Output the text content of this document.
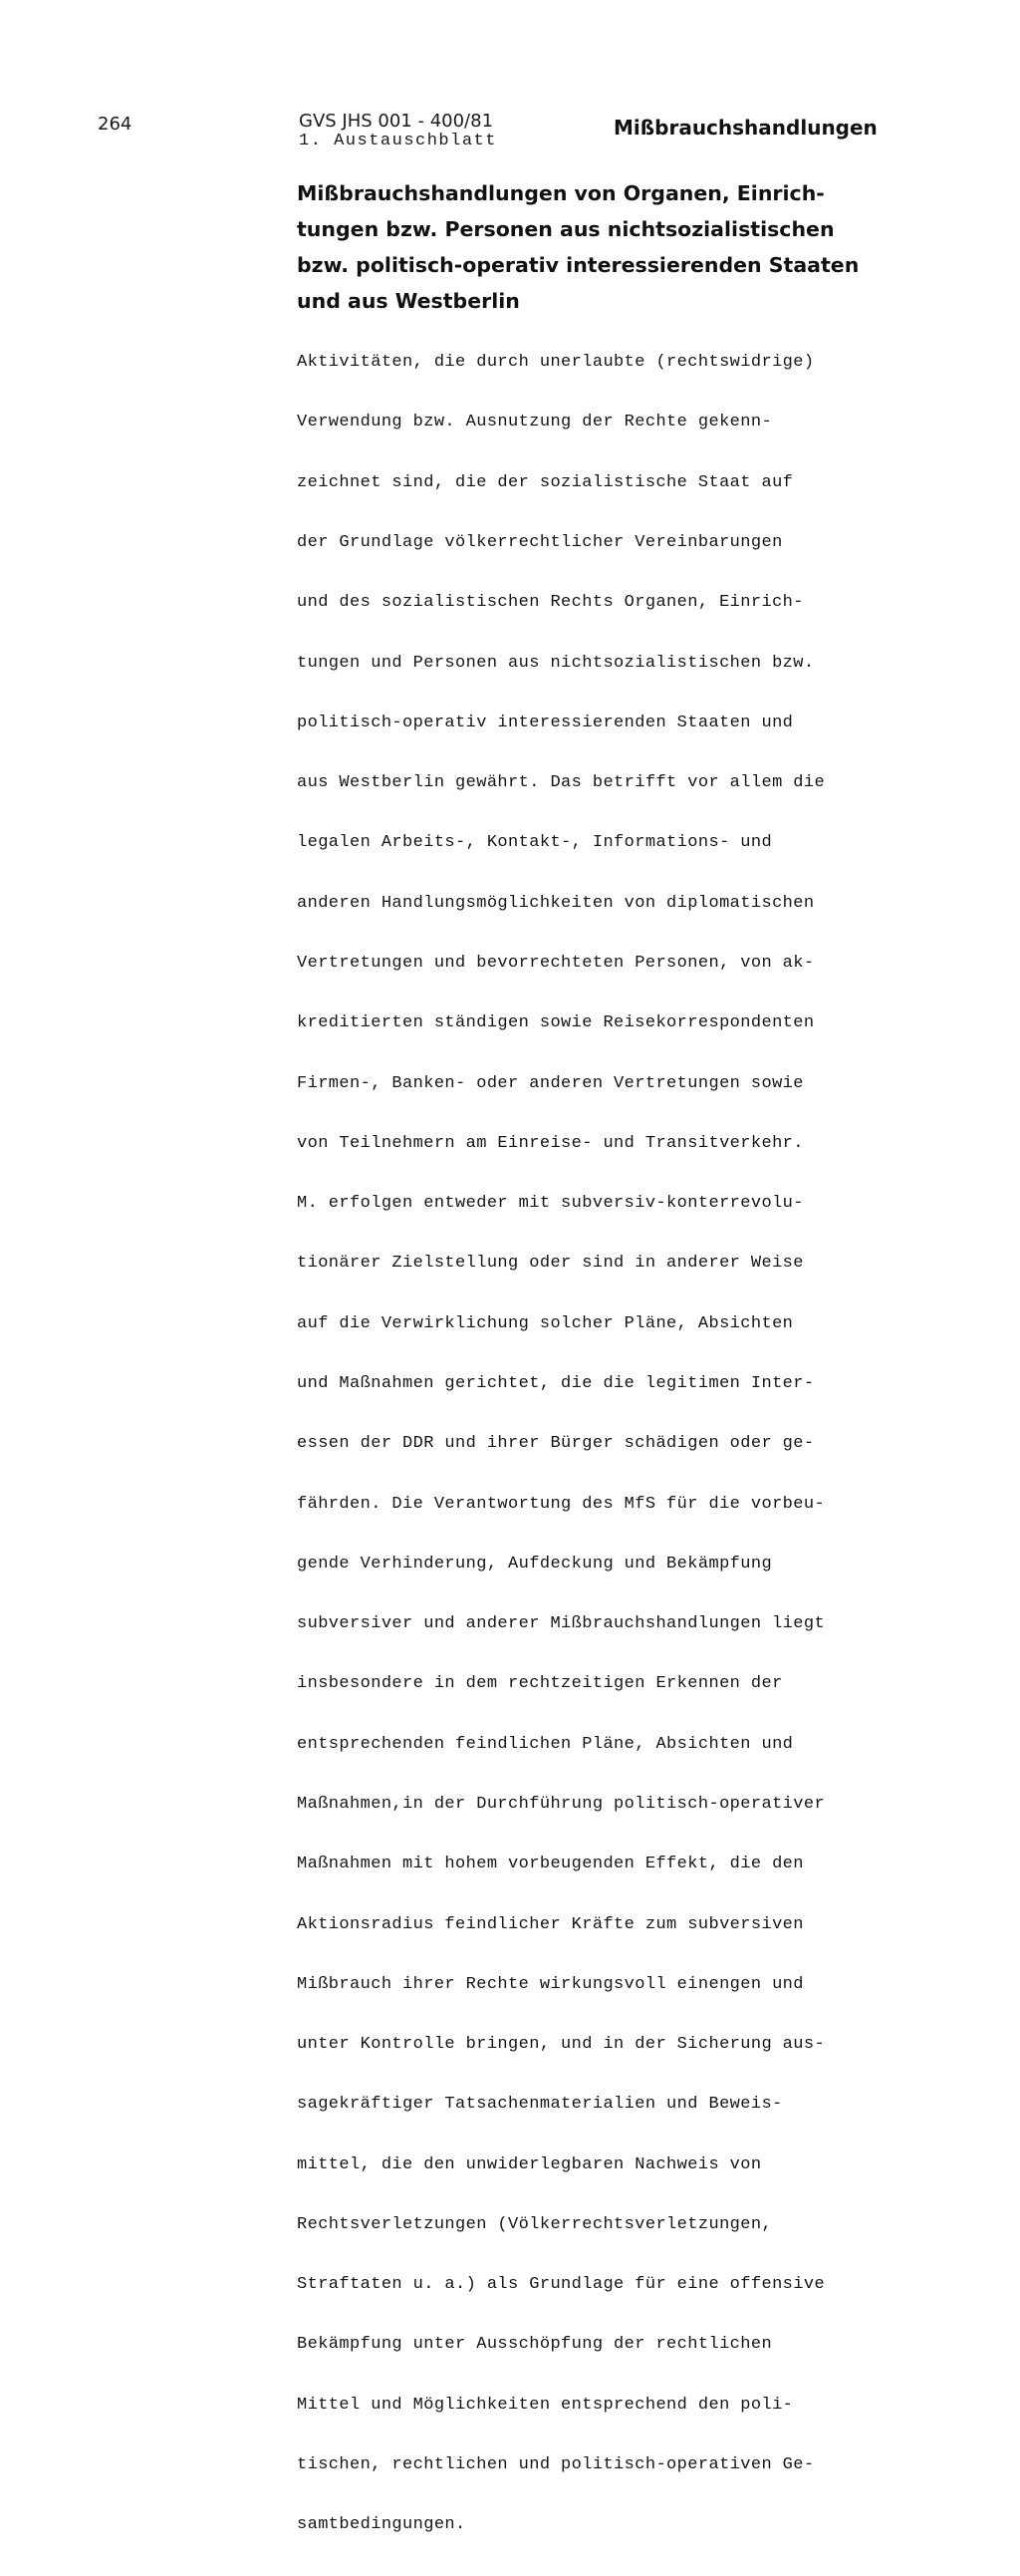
264	GVS JHS 001 - 400/81
1. Austauschblatt
Mißbrauchshandlungen
Mißbrauchshandlungen von Organen, Einrich-
tungen bzw. Personen aus nichtsozialistischen
bzw. politisch-operativ interessierenden Staaten
und aus Westberlin

Aktivitäten, die durch unerlaubte (rechtswidrige)

Verwendung bzw. Ausnutzung der Rechte gekenn-

zeichnet sind, die der sozialistische Staat auf

der Grundlage völkerrechtlicher Vereinbarungen

und des sozialistischen Rechts Organen, Einrich-

tungen und Personen aus nichtsozialistischen bzw.

politisch-operativ interessierenden Staaten und

aus Westberlin gewährt. Das betrifft vor allem die

legalen Arbeits-, Kontakt-, Informations- und

anderen Handlungsmöglichkeiten von diplomatischen

Vertretungen und bevorrechteten Personen, von ak-

kreditierten ständigen sowie Reisekorrespondenten

Firmen-, Banken- oder anderen Vertretungen sowie

von Teilnehmern am Einreise- und Transitverkehr.

M. erfolgen entweder mit subversiv-konterrevolu-

tionärer Zielstellung oder sind in anderer Weise

auf die Verwirklichung solcher Pläne, Absichten

und Maßnahmen gerichtet, die die legitimen Inter-

essen der DDR und ihrer Bürger schädigen oder ge-

fährden. Die Verantwortung des MfS für die vorbeu-

gende Verhinderung, Aufdeckung und Bekämpfung

subversiver und anderer Mißbrauchshandlungen liegt

insbesondere in dem rechtzeitigen Erkennen der

entsprechenden feindlichen Pläne, Absichten und

Maßnahmen,in der Durchführung politisch-operativer

Maßnahmen mit hohem vorbeugenden Effekt, die den

Aktionsradius feindlicher Kräfte zum subversiven

Mißbrauch ihrer Rechte wirkungsvoll einengen und

unter Kontrolle bringen, und in der Sicherung aus-

sagekräftiger Tatsachenmaterialien und Beweis-

mittel, die den unwiderlegbaren Nachweis von

Rechtsverletzungen (Völkerrechtsverletzungen,

Straftaten u. a.) als Grundlage für eine offensive

Bekämpfung unter Ausschöpfung der rechtlichen

Mittel und Möglichkeiten entsprechend den poli-

tischen, rechtlichen und politisch-operativen Ge-

samtbedingungen.
